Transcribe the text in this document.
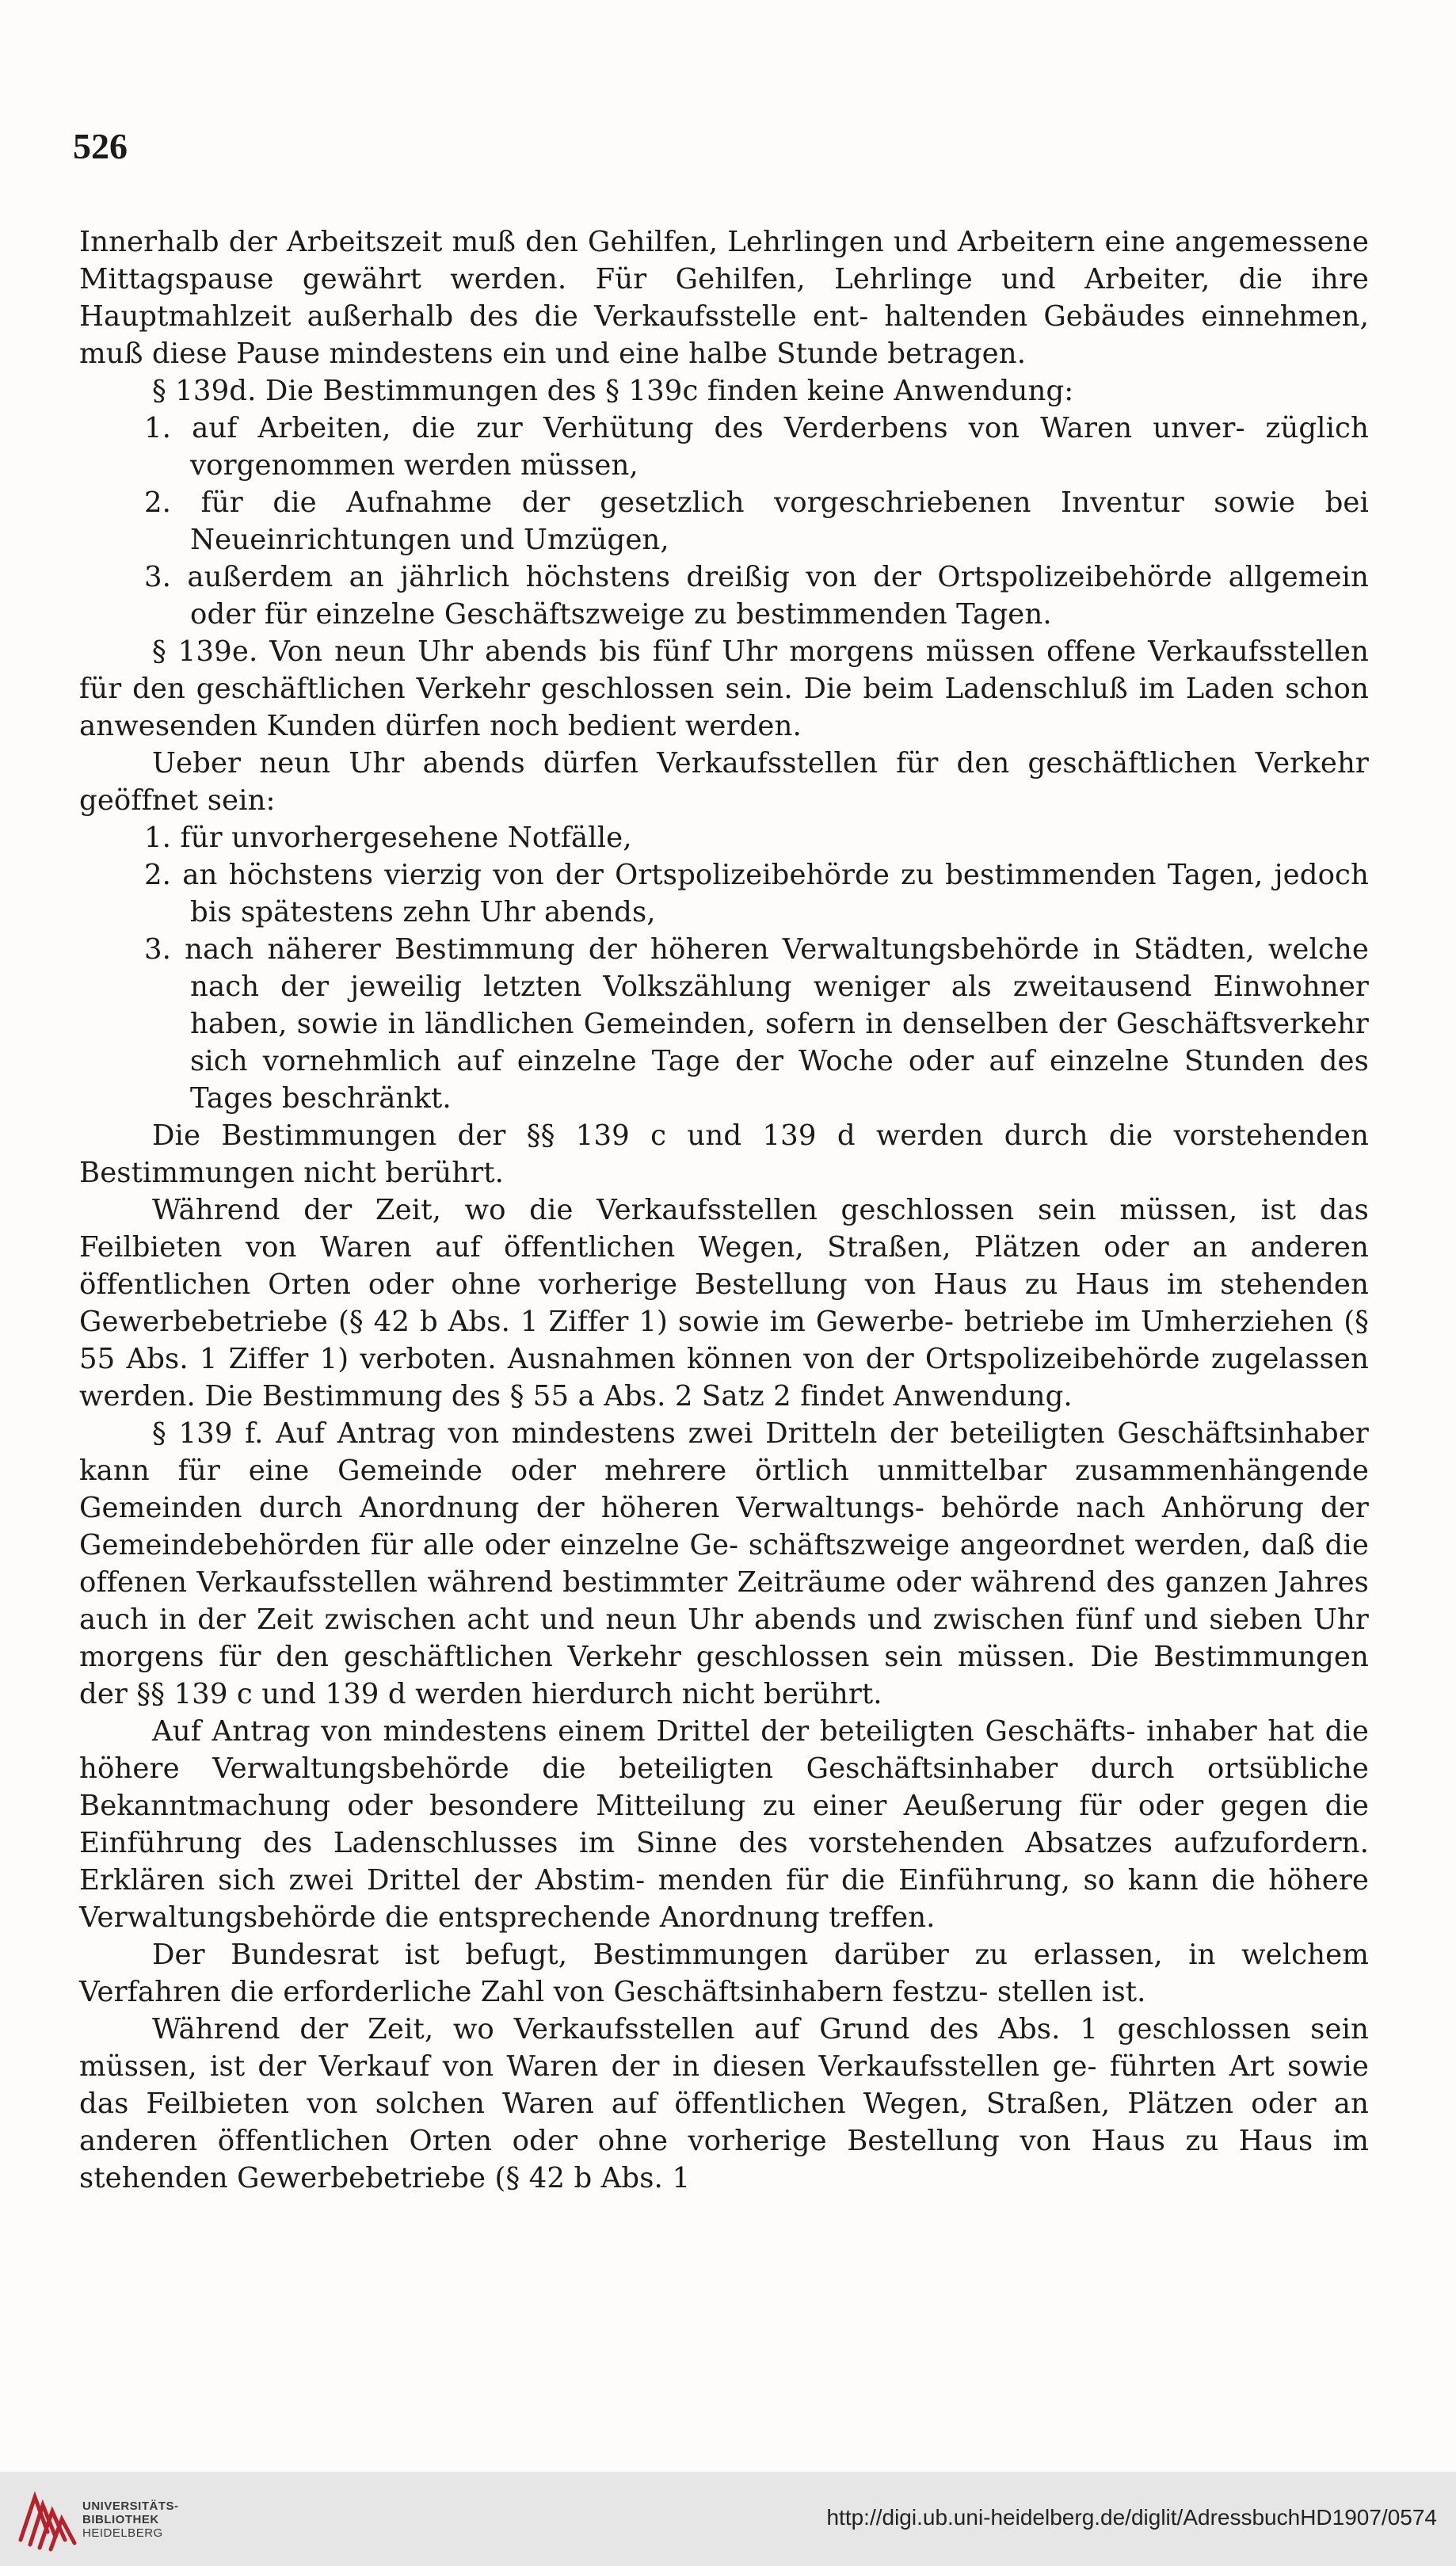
526

Innerhalb der Arbeitszeit muß den Gehilfen, Lehrlingen und Arbeitern eine angemessene Mittagspause gewährt werden. Für Gehilfen, Lehrlinge und Arbeiter, die ihre Hauptmahlzeit außerhalb des die Verkaufsstelle ent- haltenden Gebäudes einnehmen, muß diese Pause mindestens ein und eine halbe Stunde betragen.

§ 139d. Die Bestimmungen des § 139c finden keine Anwendung:

1. auf Arbeiten, die zur Verhütung des Verderbens von Waren unver- züglich vorgenommen werden müssen,

2. für die Aufnahme der gesetzlich vorgeschriebenen Inventur sowie bei Neueinrichtungen und Umzügen,

3. außerdem an jährlich höchstens dreißig von der Ortspolizeibehörde allgemein oder für einzelne Geschäftszweige zu bestimmenden Tagen.

§ 139e. Von neun Uhr abends bis fünf Uhr morgens müssen offene Verkaufsstellen für den geschäftlichen Verkehr geschlossen sein. Die beim Ladenschluß im Laden schon anwesenden Kunden dürfen noch bedient werden.

Ueber neun Uhr abends dürfen Verkaufsstellen für den geschäftlichen Verkehr geöffnet sein:

1. für unvorhergesehene Notfälle,

2. an höchstens vierzig von der Ortspolizeibehörde zu bestimmenden Tagen, jedoch bis spätestens zehn Uhr abends,

3. nach näherer Bestimmung der höheren Verwaltungsbehörde in Städten, welche nach der jeweilig letzten Volkszählung weniger als zweitausend Einwohner haben, sowie in ländlichen Gemeinden, sofern in denselben der Geschäftsverkehr sich vornehmlich auf einzelne Tage der Woche oder auf einzelne Stunden des Tages beschränkt.

Die Bestimmungen der §§ 139 c und 139 d werden durch die vorstehenden Bestimmungen nicht berührt.

Während der Zeit, wo die Verkaufsstellen geschlossen sein müssen, ist das Feilbieten von Waren auf öffentlichen Wegen, Straßen, Plätzen oder an anderen öffentlichen Orten oder ohne vorherige Bestellung von Haus zu Haus im stehenden Gewerbebetriebe (§ 42 b Abs. 1 Ziffer 1) sowie im Gewerbe- betriebe im Umherziehen (§ 55 Abs. 1 Ziffer 1) verboten. Ausnahmen können von der Ortspolizeibehörde zugelassen werden. Die Bestimmung des § 55 a Abs. 2 Satz 2 findet Anwendung.

§ 139 f. Auf Antrag von mindestens zwei Dritteln der beteiligten Geschäftsinhaber kann für eine Gemeinde oder mehrere örtlich unmittelbar zusammenhängende Gemeinden durch Anordnung der höheren Verwaltungs- behörde nach Anhörung der Gemeindebehörden für alle oder einzelne Ge- schäftszweige angeordnet werden, daß die offenen Verkaufsstellen während bestimmter Zeiträume oder während des ganzen Jahres auch in der Zeit zwischen acht und neun Uhr abends und zwischen fünf und sieben Uhr morgens für den geschäftlichen Verkehr geschlossen sein müssen. Die Bestimmungen der §§ 139 c und 139 d werden hierdurch nicht berührt.

Auf Antrag von mindestens einem Drittel der beteiligten Geschäfts- inhaber hat die höhere Verwaltungsbehörde die beteiligten Geschäftsinhaber durch ortsübliche Bekanntmachung oder besondere Mitteilung zu einer Aeußerung für oder gegen die Einführung des Ladenschlusses im Sinne des vorstehenden Absatzes aufzufordern. Erklären sich zwei Drittel der Abstim- menden für die Einführung, so kann die höhere Verwaltungsbehörde die entsprechende Anordnung treffen.

Der Bundesrat ist befugt, Bestimmungen darüber zu erlassen, in welchem Verfahren die erforderliche Zahl von Geschäftsinhabern festzu- stellen ist.

Während der Zeit, wo Verkaufsstellen auf Grund des Abs. 1 geschlossen sein müssen, ist der Verkauf von Waren der in diesen Verkaufsstellen ge- führten Art sowie das Feilbieten von solchen Waren auf öffentlichen Wegen, Straßen, Plätzen oder an anderen öffentlichen Orten oder ohne vorherige Bestellung von Haus zu Haus im stehenden Gewerbebetriebe (§ 42 b Abs. 1

UNIVERSITÄTS-
BIBLIOTHEK
HEIDELBERG
http://digi.ub.uni-heidelberg.de/diglit/AdressbuchHD1907/0574
